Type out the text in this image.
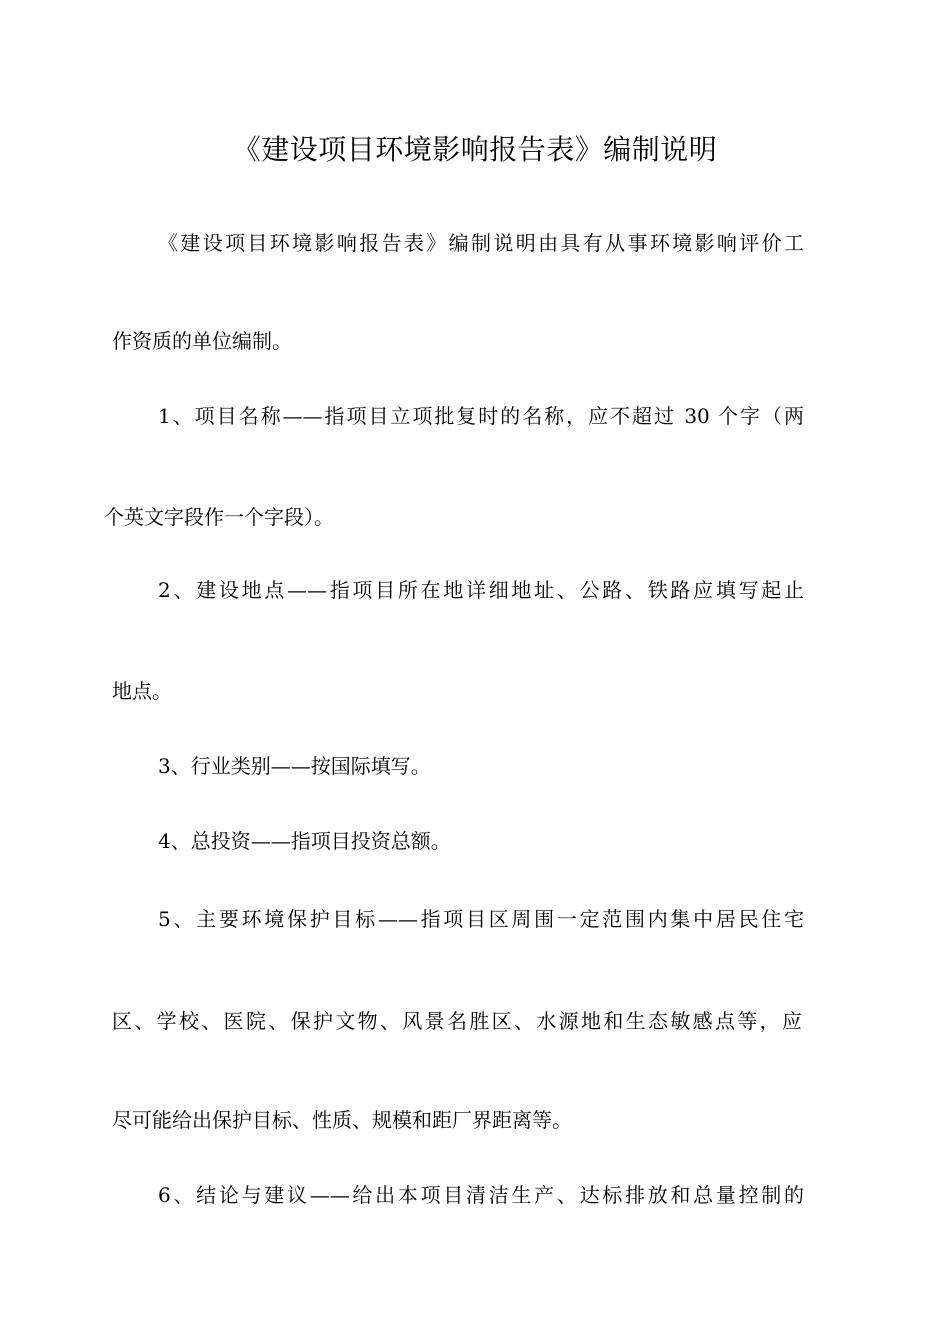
《建设项目环境影响报告表》编制说明
《建设项目环境影响报告表》编制说明由具有从事环境影响评价工
作资质的单位编制。
1、项目名称——指项目立项批复时的名称，应不超过 30 个字（两
个英文字段作一个字段）。
2、建设地点——指项目所在地详细地址、公路、铁路应填写起止
地点。
3、行业类别——按国际填写。
4、总投资——指项目投资总额。
5、主要环境保护目标——指项目区周围一定范围内集中居民住宅
区、学校、医院、保护文物、风景名胜区、水源地和生态敏感点等，应
尽可能给出保护目标、性质、规模和距厂界距离等。
6、结论与建议——给出本项目清洁生产、达标排放和总量控制的
